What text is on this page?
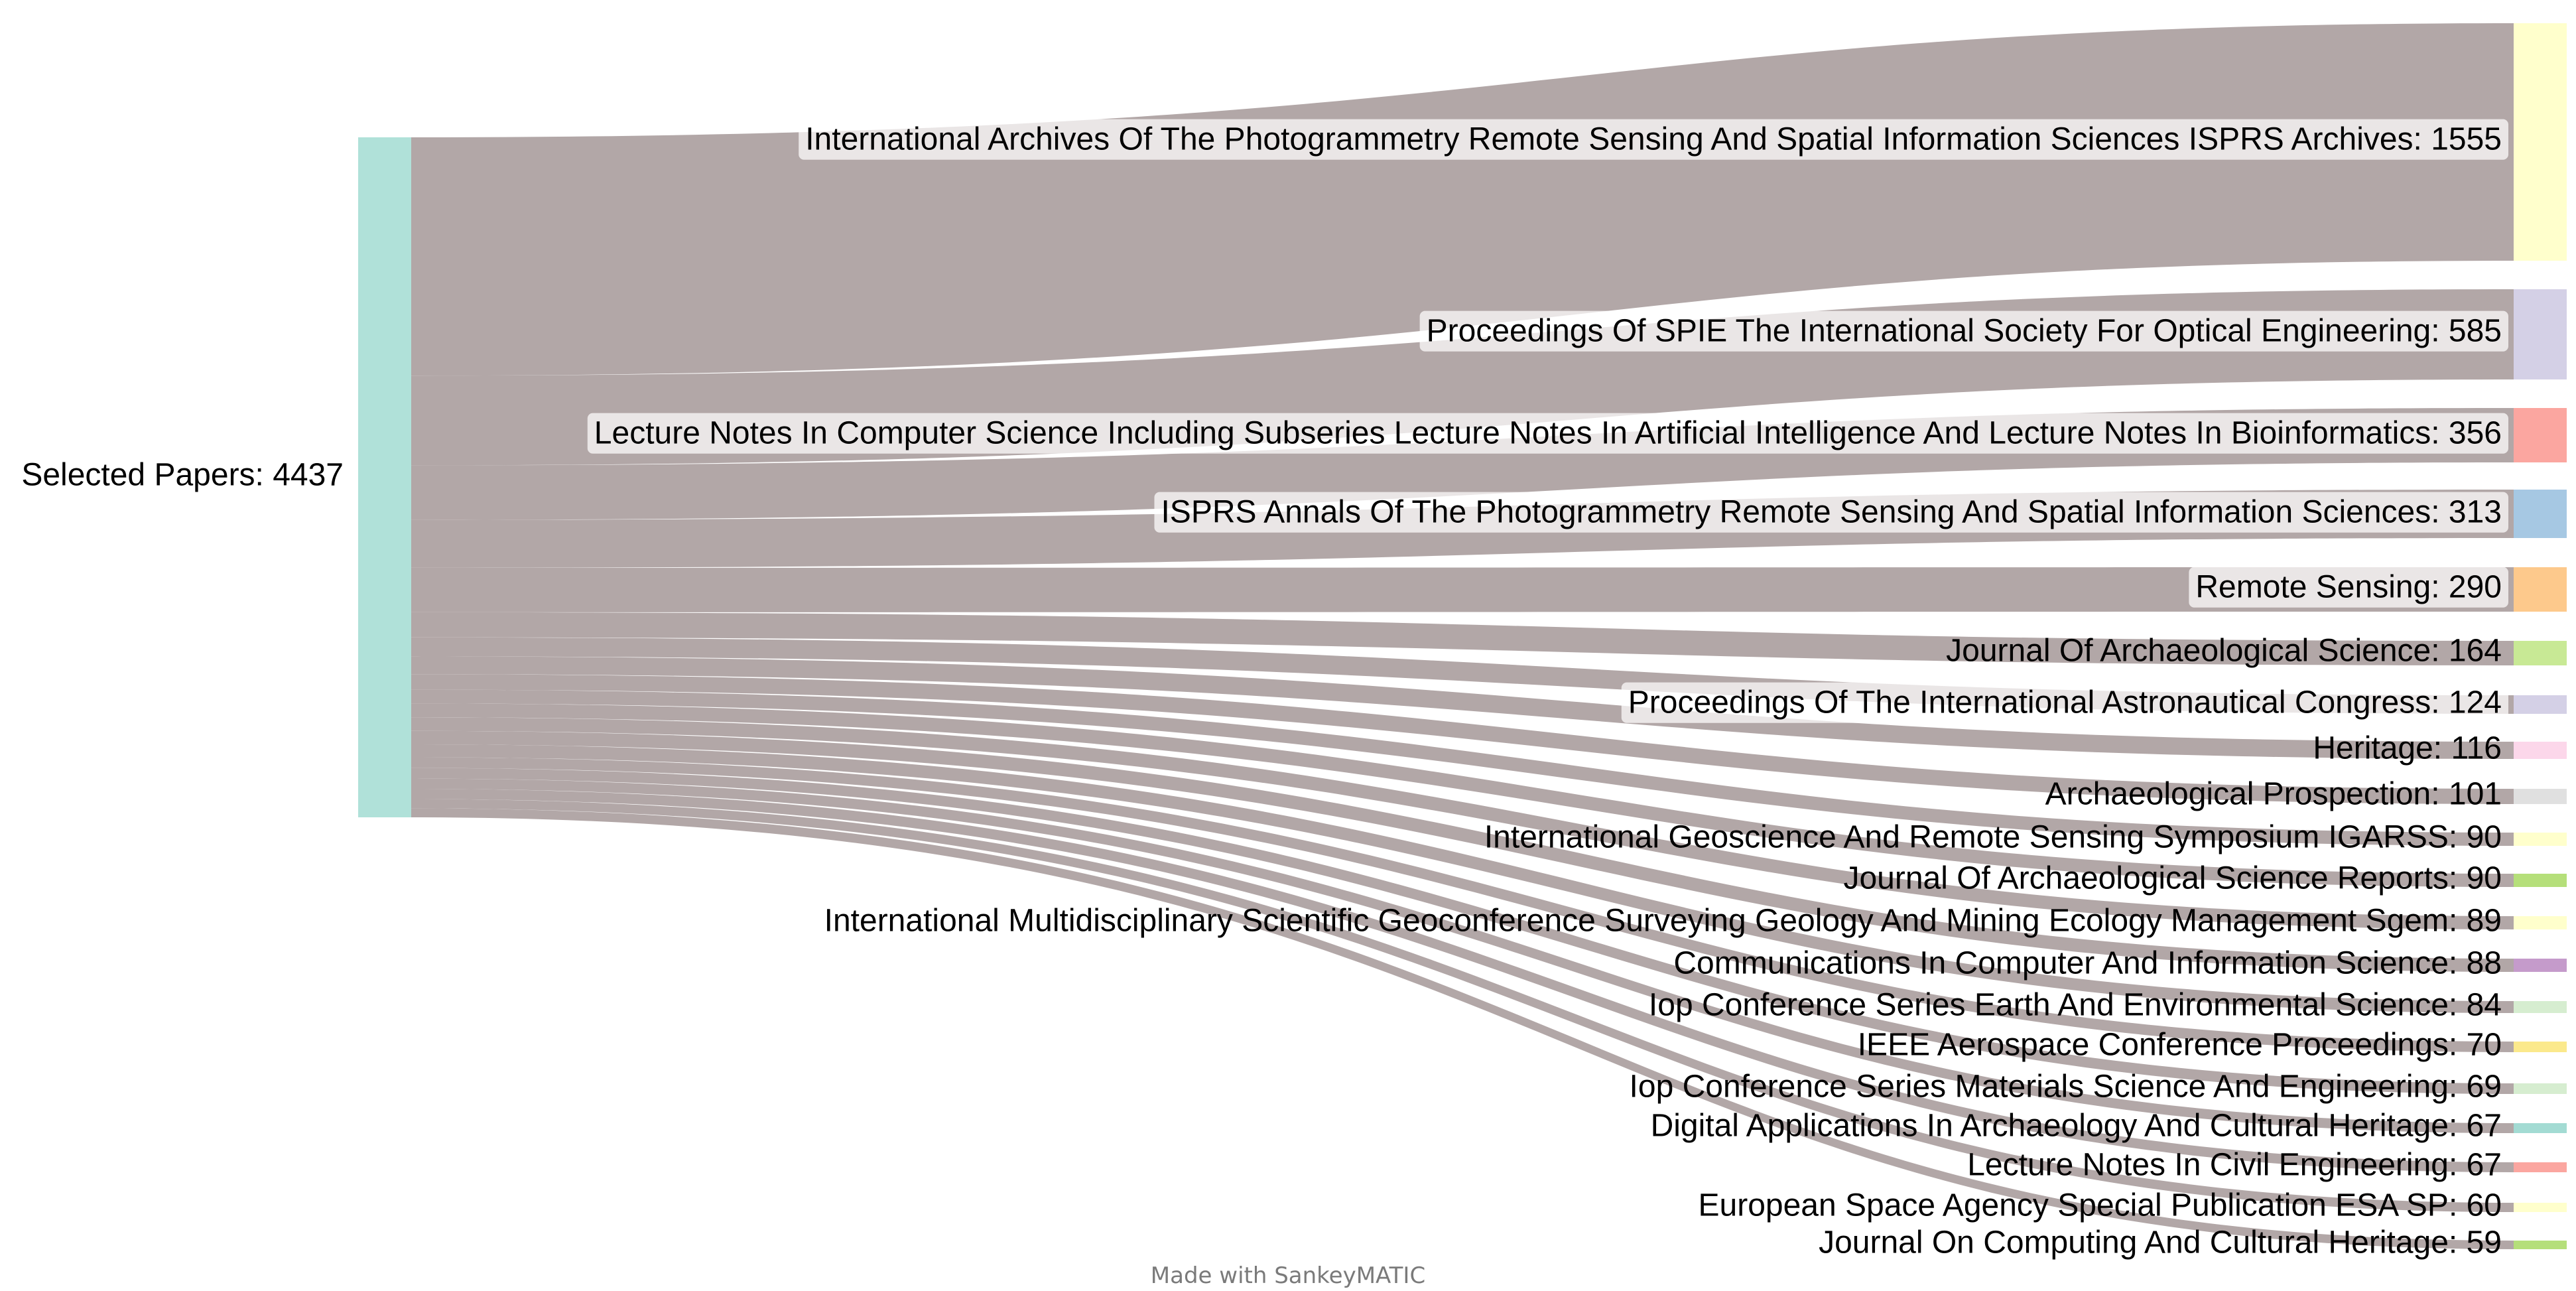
Selected Papers: 4437
International Archives Of The Photogrammetry Remote Sensing And Spatial Information Sciences ISPRS Archives: 1555
Proceedings Of SPIE The International Society For Optical Engineering: 585
Lecture Notes In Computer Science Including Subseries Lecture Notes In Artificial Intelligence And Lecture Notes In Bioinformatics: 356
ISPRS Annals Of The Photogrammetry Remote Sensing And Spatial Information Sciences: 313
Remote Sensing: 290
Journal Of Archaeological Science: 164
Proceedings Of The International Astronautical Congress: 124
Heritage: 116
Archaeological Prospection: 101
International Geoscience And Remote Sensing Symposium IGARSS: 90
Journal Of Archaeological Science Reports: 90
International Multidisciplinary Scientific Geoconference Surveying Geology And Mining Ecology Management Sgem: 89
Communications In Computer And Information Science: 88
Iop Conference Series Earth And Environmental Science: 84
IEEE Aerospace Conference Proceedings: 70
Iop Conference Series Materials Science And Engineering: 69
Digital Applications In Archaeology And Cultural Heritage: 67
Lecture Notes In Civil Engineering: 67
European Space Agency Special Publication ESA SP: 60
Journal On Computing And Cultural Heritage: 59
Made with SankeyMATIC
